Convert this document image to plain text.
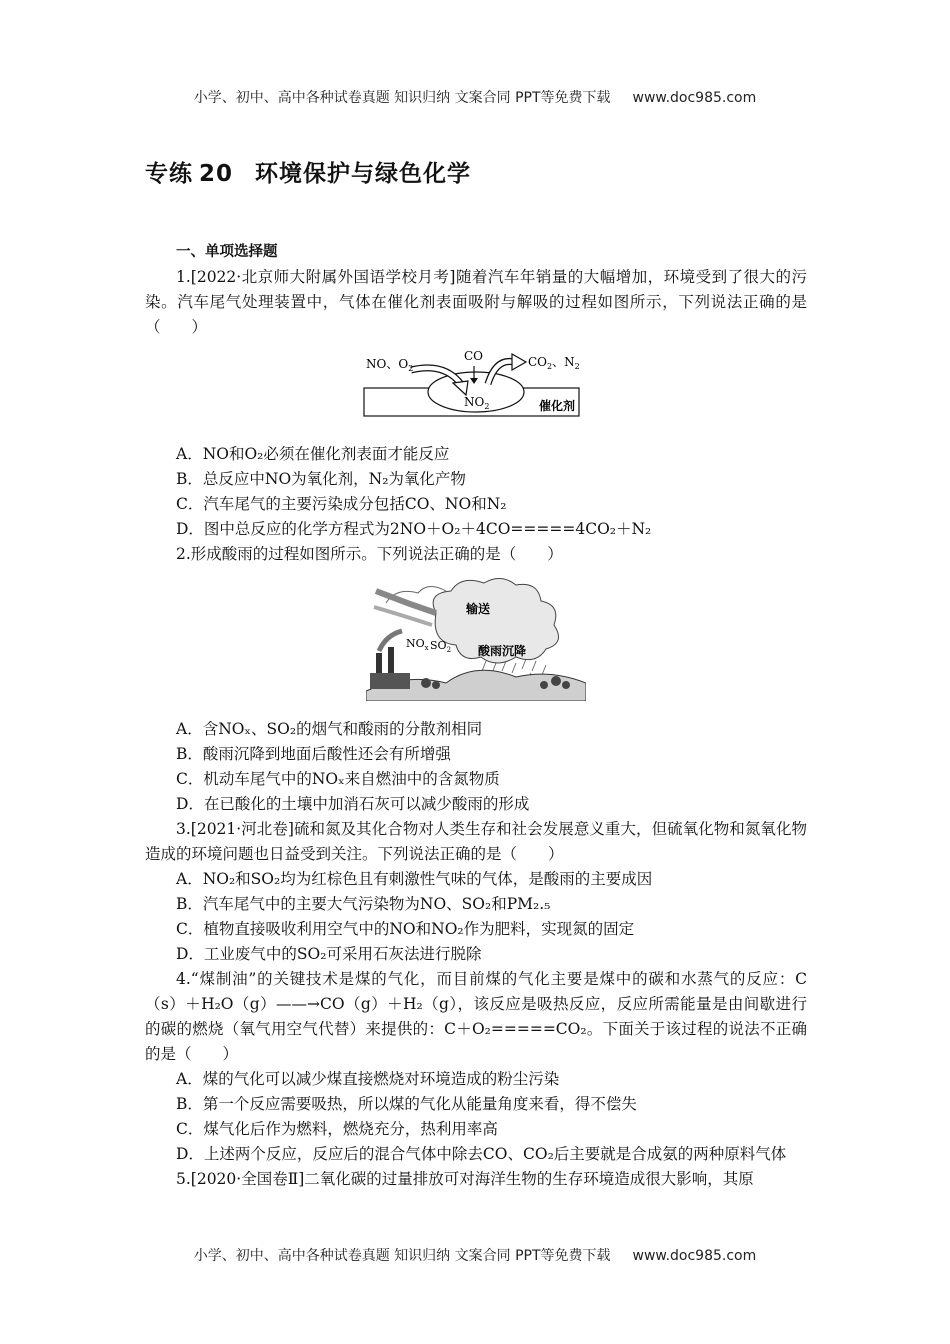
小学、初中、高中各种试卷真题 知识归纳 文案合同 PPT等免费下载 www.doc985.com
专练 20 环境保护与绿色化学
一、单项选择题

1.[2022·北京师大附属外国语学校月考]随着汽车年销量的大幅增加，环境受到了很大的污染。汽车尾气处理装置中，气体在催化剂表面吸附与解吸的过程如图所示，下列说法正确的是（　　）

NO、$O_2$
CO	$CO_2$、$N_2$
$NO_2$	催化剂

A．NO和O₂必须在催化剂表面才能反应

B．总反应中NO为氧化剂，N₂为氧化产物

C．汽车尾气的主要污染成分包括CO、NO和N₂

D．图中总反应的化学方程式为2NO＋O₂＋4CO=====4CO₂＋N₂

2.形成酸雨的过程如图所示。下列说法正确的是（　　）

输送
酸雨沉降
$NO_x$ $SO_2$

A．含NOₓ、SO₂的烟气和酸雨的分散剂相同

B．酸雨沉降到地面后酸性还会有所增强

C．机动车尾气中的NOₓ来自燃油中的含氮物质

D．在已酸化的土壤中加消石灰可以减少酸雨的形成

3.[2021·河北卷]硫和氮及其化合物对人类生存和社会发展意义重大，但硫氧化物和氮氧化物造成的环境问题也日益受到关注。下列说法正确的是（　　）

A．NO₂和SO₂均为红棕色且有刺激性气味的气体，是酸雨的主要成因

B．汽车尾气中的主要大气污染物为NO、SO₂和PM₂.₅

C．植物直接吸收利用空气中的NO和NO₂作为肥料，实现氮的固定

D．工业废气中的SO₂可采用石灰法进行脱除

4.“煤制油”的关键技术是煤的气化，而目前煤的气化主要是煤中的碳和水蒸气的反应：C（s）＋H₂O（g）——→CO（g）＋H₂（g），该反应是吸热反应，反应所需能量是由间歇进行的碳的燃烧（氧气用空气代替）来提供的：C＋O₂=====CO₂。下面关于该过程的说法不正确的是（　　）

A．煤的气化可以减少煤直接燃烧对环境造成的粉尘污染

B．第一个反应需要吸热，所以煤的气化从能量角度来看，得不偿失

C．煤气化后作为燃料，燃烧充分，热利用率高

D．上述两个反应，反应后的混合气体中除去CO、CO₂后主要就是合成氨的两种原料气体

5.[2020·全国卷Ⅱ]二氧化碳的过量排放可对海洋生物的生存环境造成很大影响，其原

小学、初中、高中各种试卷真题 知识归纳 文案合同 PPT等免费下载 www.doc985.com
